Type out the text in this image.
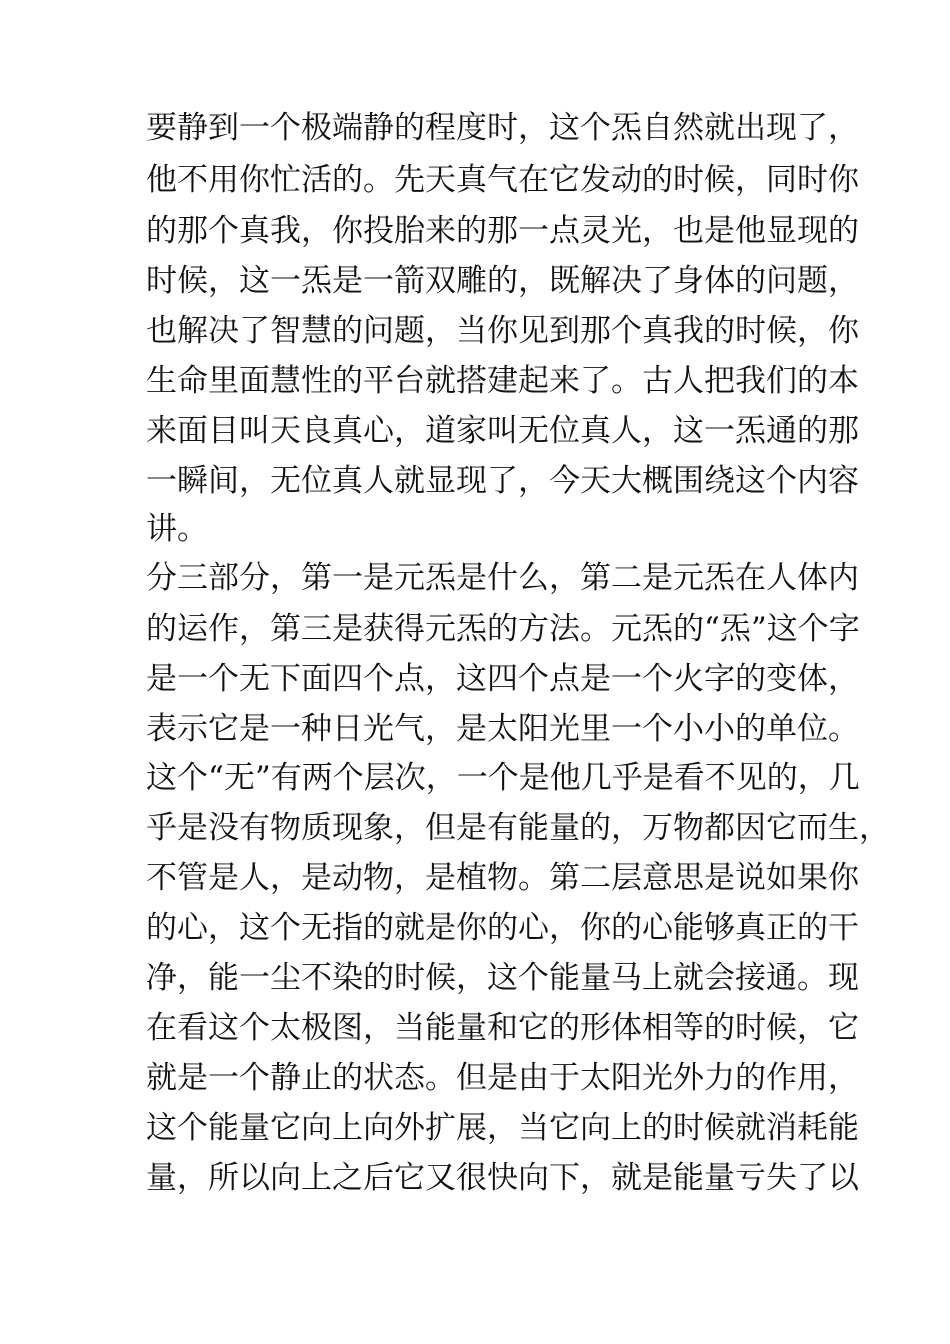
要静到一个极端静的程度时，这个炁自然就出现了，
他不用你忙活的。先天真气在它发动的时候，同时你
的那个真我，你投胎来的那一点灵光，也是他显现的
时候，这一炁是一箭双雕的，既解决了身体的问题，
也解决了智慧的问题，当你见到那个真我的时候，你
生命里面慧性的平台就搭建起来了。古人把我们的本
来面目叫天良真心，道家叫无位真人，这一炁通的那
一瞬间，无位真人就显现了，今天大概围绕这个内容
讲。
分三部分，第一是元炁是什么，第二是元炁在人体内
的运作，第三是获得元炁的方法。元炁的“炁”这个字
是一个无下面四个点，这四个点是一个火字的变体，
表示它是一种日光气，是太阳光里一个小小的单位。
这个“无”有两个层次，一个是他几乎是看不见的，几
乎是没有物质现象，但是有能量的，万物都因它而生，
不管是人，是动物，是植物。第二层意思是说如果你
的心，这个无指的就是你的心，你的心能够真正的干
净，能一尘不染的时候，这个能量马上就会接通。现
在看这个太极图，当能量和它的形体相等的时候，它
就是一个静止的状态。但是由于太阳光外力的作用，
这个能量它向上向外扩展，当它向上的时候就消耗能
量，所以向上之后它又很快向下，就是能量亏失了以
